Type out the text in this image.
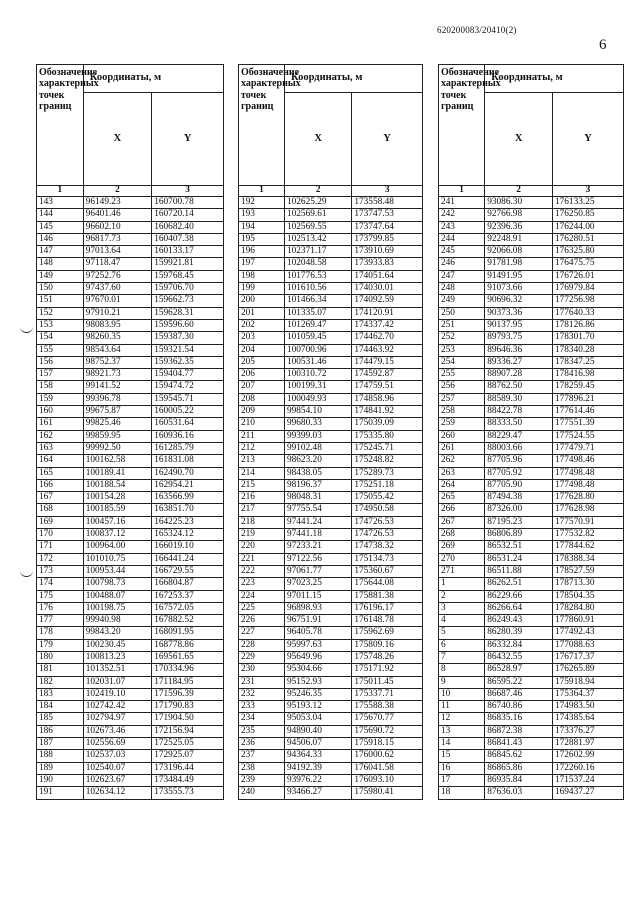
620200083/20410(2)
6
Обозначение характерных точек границ	Координаты, м	
	X	Y
1	2	3
143	96149.23	160700.78
144	96401.46	160720.14
145	96602.10	160682.40
146	96817.73	160407.38
147	97013.64	160133.17
148	97118.47	159921.81
149	97252.76	159768.45
150	97437.60	159706.70
151	97670.01	159662.73
152	97910.21	159628.31
153	98083.95	159596.60
154	98260.35	159387.30
155	98543.64	159321.54
156	98752.37	159362.35
157	98921.73	159404.77
158	99141.52	159474.72
159	99396.78	159545.71
160	99675.87	160005.22
161	99825.46	160531.64
162	99859.95	160936.16
163	99992.50	161285.79
164	100162.58	161831.08
165	100189.41	162490.70
166	100188.54	162954.21
167	100154.28	163566.99
168	100185.59	163851.70
169	100457.16	164225.23
170	100837.12	165324.12
171	100964.00	166019.10
172	101010.75	166441.24
173	100953.44	166729.55
174	100798.73	166804.87
175	100488.07	167253.37
176	100198.75	167572.05
177	99940.98	167882.52
178	99843.20	168091.95
179	100230.45	168778.86
180	100813.23	169561.65
181	101352.51	170334.96
182	102031.07	171184.95
183	102419.10	171596.39
184	102742.42	171790.83
185	102794.97	171904.50
186	102673.46	172156.94
187	102556.69	172525.05
188	102537.03	172925.07
189	102540.07	173196.44
190	102623.67	173484.49
191	102634.12	173555.73
Обозначение характерных точек границ	Координаты, м	
	X	Y
1	2	3
192	102625.29	173558.48
193	102569.61	173747.53
194	102569.55	173747.64
195	102513.42	173799.85
196	102371.17	173910.69
197	102048.58	173933.83
198	101776.53	174051.64
199	101610.56	174030.01
200	101466.34	174092.59
201	101335.07	174120.91
202	101269.47	174337.42
203	101059.45	174462.70
204	100700.96	174463.92
205	100531.46	174479.15
206	100310.72	174592.87
207	100199.31	174759.51
208	100049.93	174858.96
209	99854.10	174841.92
210	99680.33	175039.09
211	99399.03	175335.80
212	99102.48	175245.71
213	98623.20	175248.82
214	98438.05	175289.73
215	98196.37	175251.18
216	98048.31	175055.42
217	97755.54	174950.58
218	97441.24	174726.53
219	97441.18	174726.53
220	97233.21	174738.32
221	97122.56	175134.73
222	97061.77	175360.67
223	97023.25	175644.08
224	97011.15	175881.38
225	96898.93	176196.17
226	96751.91	176148.78
227	96405.78	175962.69
228	95997.63	175809.16
229	95649.96	175748.26
230	95304.66	175171.92
231	95152.93	175011.45
232	95246.35	175337.71
233	95193.12	175588.38
234	95053.04	175670.77
235	94890.40	175690.72
236	94506.07	175918.15
237	94364.33	176000.62
238	94192.39	176041.58
239	93976.22	176093.10
240	93466.27	175980.41
Обозначение характерных точек границ	Координаты, м	
	X	Y
1	2	3
241	93086.30	176133.25
242	92766.98	176250.85
243	92396.36	176244.00
244	92248.91	176280.51
245	92066.08	176325.80
246	91781.98	176475.75
247	91491.95	176726.01
248	91073.66	176979.84
249	90696.32	177256.98
250	90373.36	177640.33
251	90137.95	178126.86
252	89793.75	178301.70
253	89646.36	178340.28
254	89336.27	178347.25
255	88907.28	178416.98
256	88762.50	178259.45
257	88589.30	177896.21
258	88422.78	177614.46
259	88333.50	177551.39
260	88229.47	177524.55
261	88003.66	177479.71
262	87705.96	177498.46
263	87705.92	177498.48
264	87705.90	177498.48
265	87494.38	177628.80
266	87326.00	177628.98
267	87195.23	177570.91
268	86806.89	177532.82
269	86532.51	177844.62
270	86531.24	178388.34
271	86511.88	178527.59
1	86262.51	178713.30
2	86229.66	178504.35
3	86266.64	178284.80
4	86249.43	177860.91
5	86280.39	177492.43
6	86332.84	177088.63
7	86432.55	176717.37
8	86528.97	176265.89
9	86595.22	175918.94
10	86687.46	175364.37
11	86740.86	174983.50
12	86835.16	174385.64
13	86872.38	173376.27
14	86841.43	172881.97
15	86845.62	172602.99
16	86865.86	172260.16
17	86935.84	171537.24
18	87636.03	169437.27
